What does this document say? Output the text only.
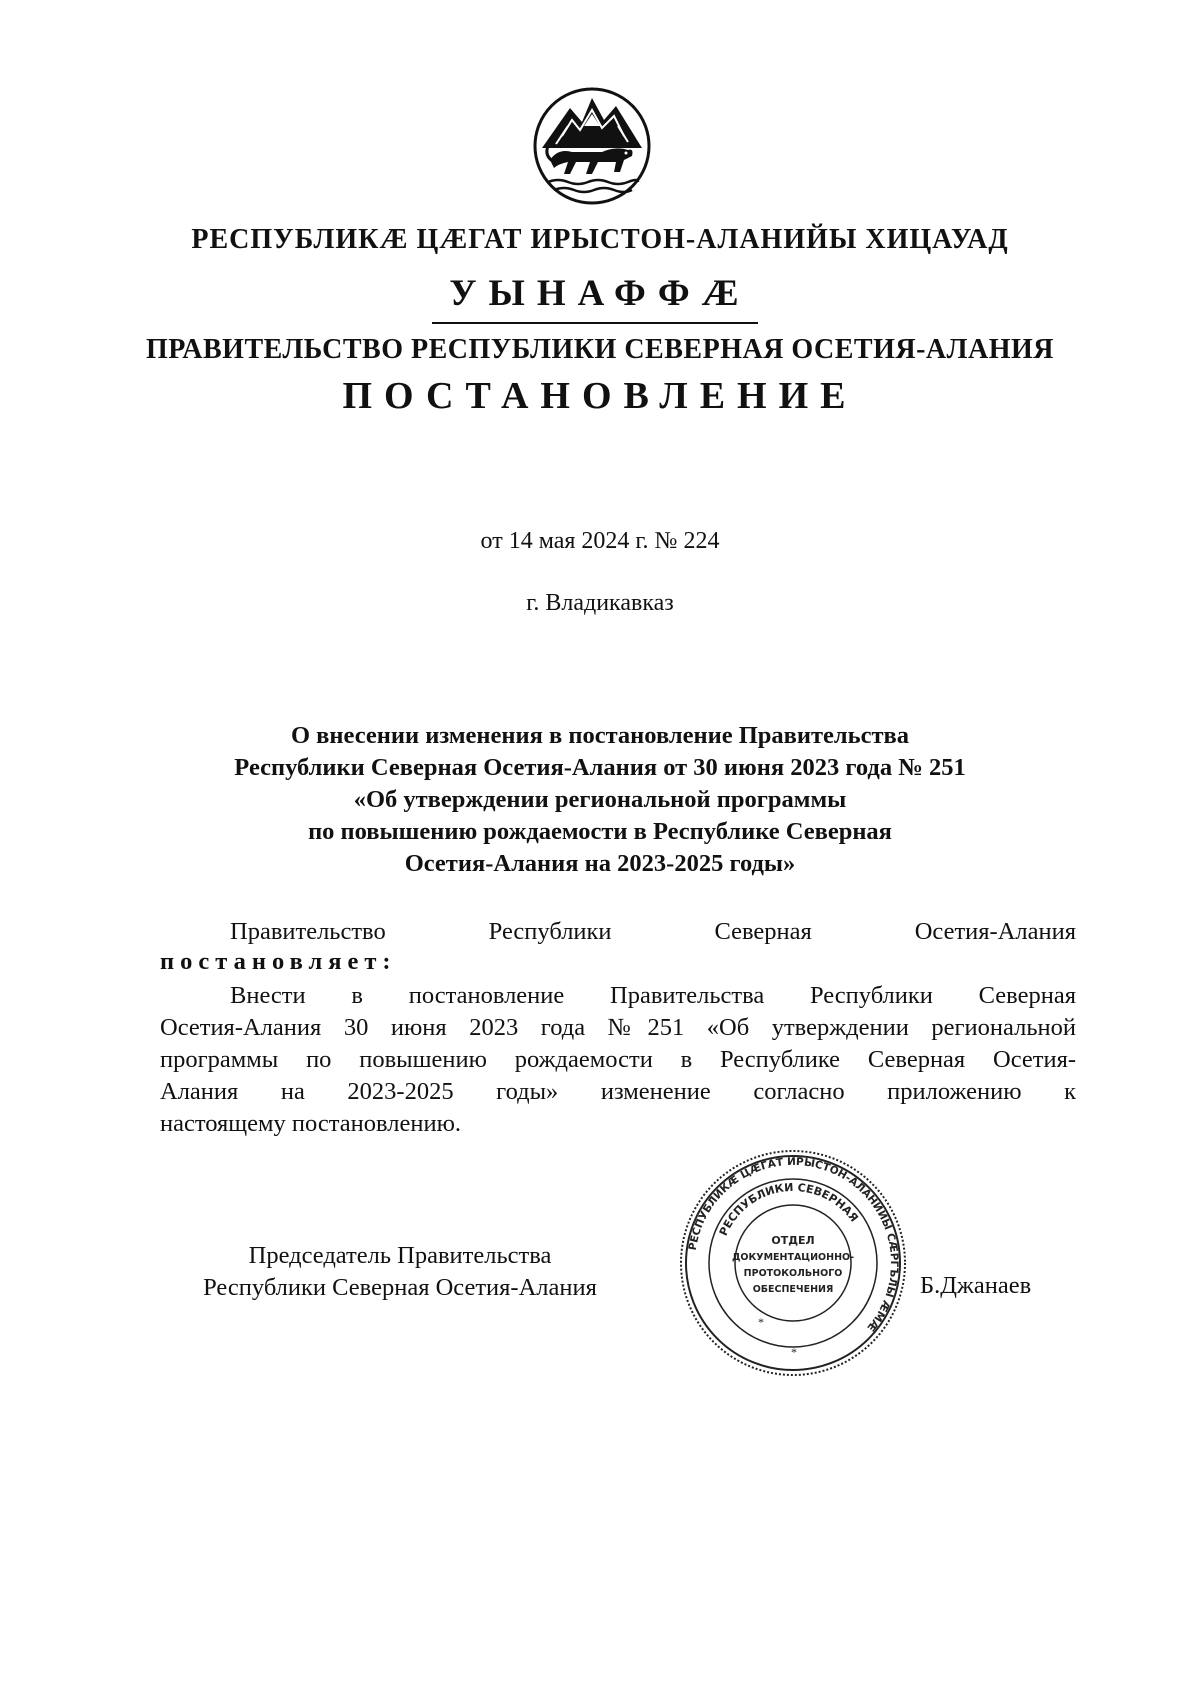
РЕСПУБЛИКӔ ЦӔГАТ ИРЫСТОН-АЛАНИЙЫ ХИЦАУАД
УЫНАФФӔ
ПРАВИТЕЛЬСТВО РЕСПУБЛИКИ СЕВЕРНАЯ ОСЕТИЯ-АЛАНИЯ
ПОСТАНОВЛЕНИЕ
от 14 мая 2024 г. № 224
г. Владикавказ
О внесении изменения в постановление Правительства
Республики Северная Осетия-Алания от 30 июня 2023 года № 251
«Об утверждении региональной программы
по повышению рождаемости в Республике Северная
Осетия-Алания на 2023-2025 годы»
Правительство	Республики	Северная	Осетия-Алания
постановляет:
Внести в постановление Правительства Республики Северная
Осетия-Алания 30 июня 2023 года №251 «Об утверждении региональной
программы по повышению рождаемости в Республике Северная Осетия-
Алания на 2023-2025 годы» изменение согласно приложению к
настоящему постановлению.
Председатель Правительства
Республики Северная Осетия-Алания
РЕСПУБЛИКӔ ЦӔГАТ ИРЫСТОН-АЛАНИЙЫ СӔРГЪЛЫ ӔМӔ
РЕСПУБЛИКИ СЕВЕРНАЯ
ОТДЕЛ
ДОКУМЕНТАЦИОННО-
ПРОТОКОЛЬНОГО
ОБЕСПЕЧЕНИЯ
*
*
Б.Джанаев
